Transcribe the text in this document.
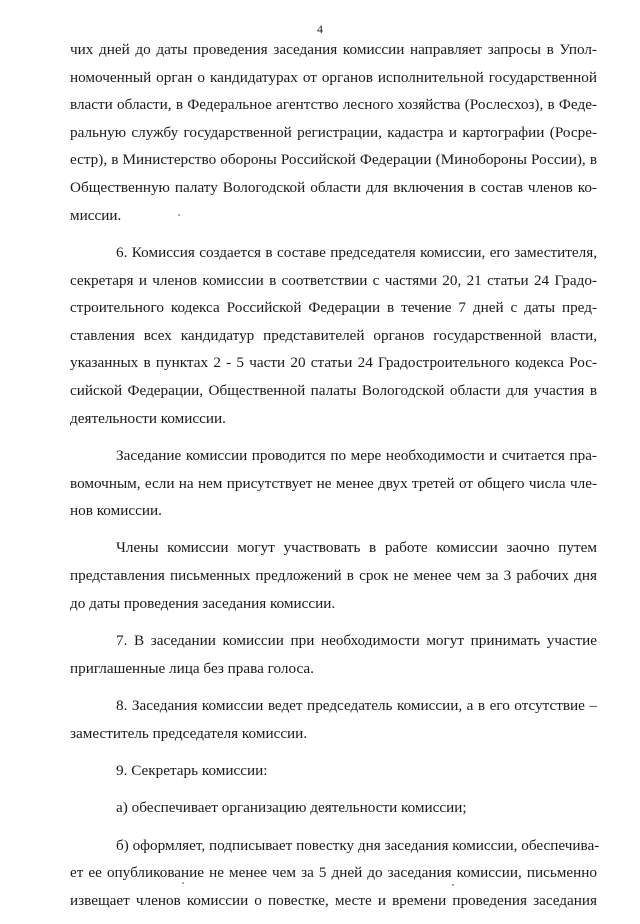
4
чих дней до даты проведения заседания комиссии направляет запросы в Упол-
номоченный орган о кандидатурах от органов исполнительной государственной
власти области, в Федеральное агентство лесного хозяйства (Рослесхоз), в Феде-
ральную службу государственной регистрации, кадастра и картографии (Росре-
естр), в Министерство обороны Российской Федерации (Минобороны России), в
Общественную палату Вологодской области для включения в состав членов ко-
миссии.
6. Комиссия создается в составе председателя комиссии, его заместителя,
секретаря и членов комиссии в соответствии с частями 20, 21 статьи 24 Градо-
строительного кодекса Российской Федерации в течение 7 дней с даты пред-
ставления всех кандидатур представителей органов государственной власти,
указанных в пунктах 2 - 5 части 20 статьи 24 Градостроительного кодекса Рос-
сийской Федерации, Общественной палаты Вологодской области для участия в
деятельности комиссии.
Заседание комиссии проводится по мере необходимости и считается пра-
вомочным, если на нем присутствует не менее двух третей от общего числа чле-
нов комиссии.
Члены комиссии могут участвовать в работе комиссии заочно путем
представления письменных предложений в срок не менее чем за 3 рабочих дня
до даты проведения заседания комиссии.
7. В заседании комиссии при необходимости могут принимать участие
приглашенные лица без права голоса.
8. Заседания комиссии ведет председатель комиссии, а в его отсутствие –
заместитель председателя комиссии.
9. Секретарь комиссии:
а) обеспечивает организацию деятельности комиссии;
б) оформляет, подписывает повестку дня заседания комиссии, обеспечива-
ет ее опубликование не менее чем за 5 дней до заседания комиссии, письменно
извещает членов комиссии о повестке, месте и времени проведения заседания
